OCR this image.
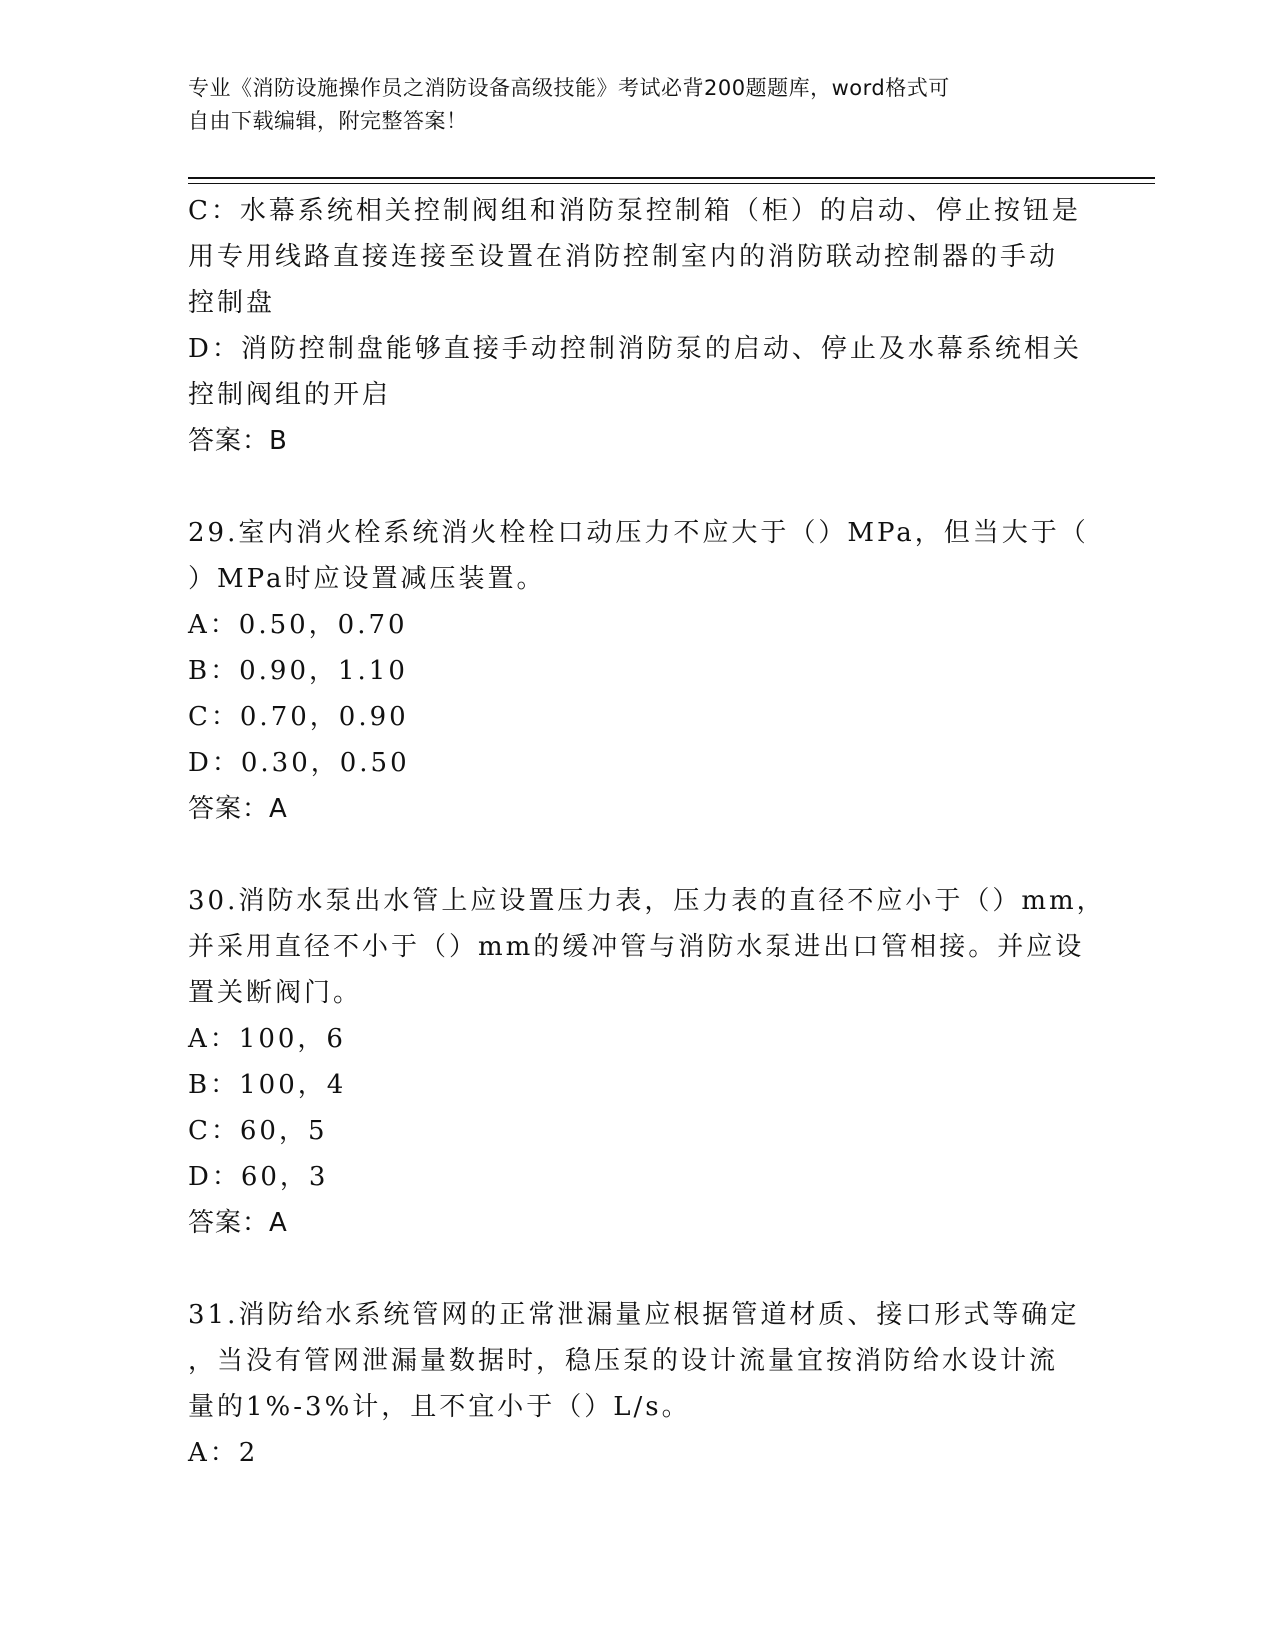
专业《消防设施操作员之消防设备高级技能》考试必背200题题库，word格式可
自由下载编辑，附完整答案！
C：水幕系统相关控制阀组和消防泵控制箱（柜）的启动、停止按钮是
用专用线路直接连接至设置在消防控制室内的消防联动控制器的手动
控制盘
D：消防控制盘能够直接手动控制消防泵的启动、停止及水幕系统相关
控制阀组的开启
答案：B
29.室内消火栓系统消火栓栓口动压力不应大于（）MPa，但当大于（
）MPa时应设置减压装置。
A：0.50，0.70
B：0.90，1.10
C：0.70，0.90
D：0.30，0.50
答案：A
30.消防水泵出水管上应设置压力表，压力表的直径不应小于（）mm，
并采用直径不小于（）mm的缓冲管与消防水泵进出口管相接。并应设
置关断阀门。
A：100，6
B：100，4
C：60，5
D：60，3
答案：A
31.消防给水系统管网的正常泄漏量应根据管道材质、接口形式等确定
，当没有管网泄漏量数据时，稳压泵的设计流量宜按消防给水设计流
量的1%-3%计，且不宜小于（）L/s。
A：2
